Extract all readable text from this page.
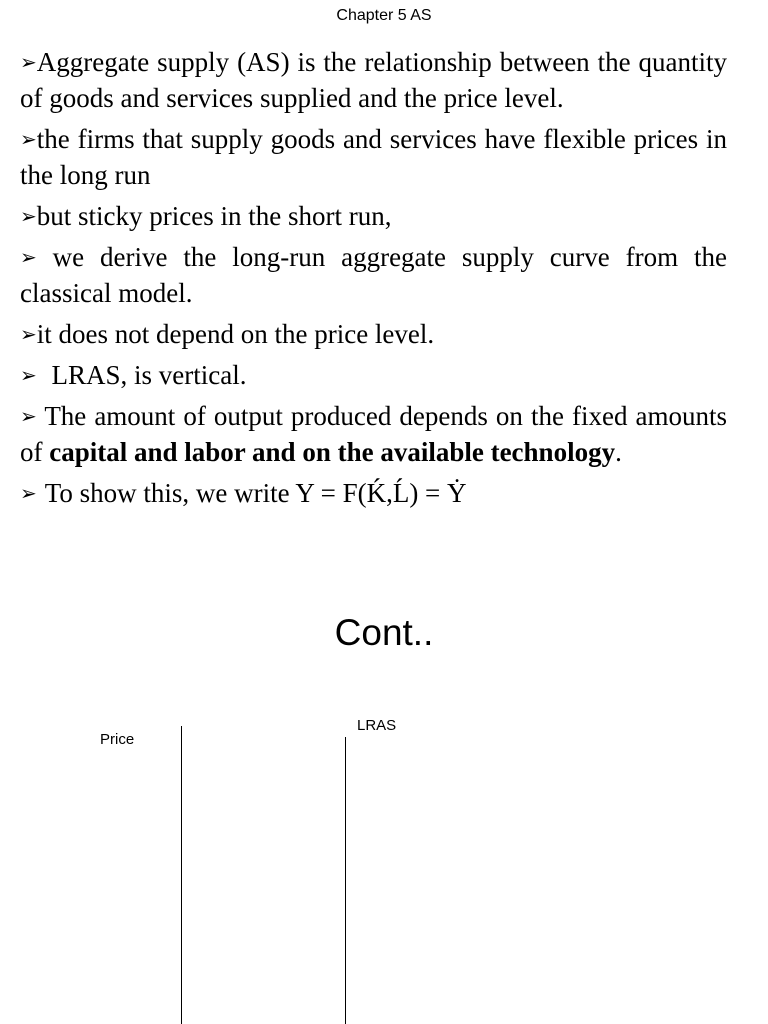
Chapter 5 AS

➢Aggregate supply (AS) is the relationship between the quantity of goods and services supplied and the price level.

➢the firms that supply goods and services have flexible prices in the long run

➢but sticky prices in the short run,

➢ we derive the long-run aggregate supply curve from the classical model.

➢it does not depend on the price level.

➢ LRAS, is vertical.

➢ The amount of output produced depends on the fixed amounts of capital and labor and on the available technology.

➢ To show this, we write Y = F(Ḱ,Ĺ) = Ẏ

Cont..
Price
LRAS
